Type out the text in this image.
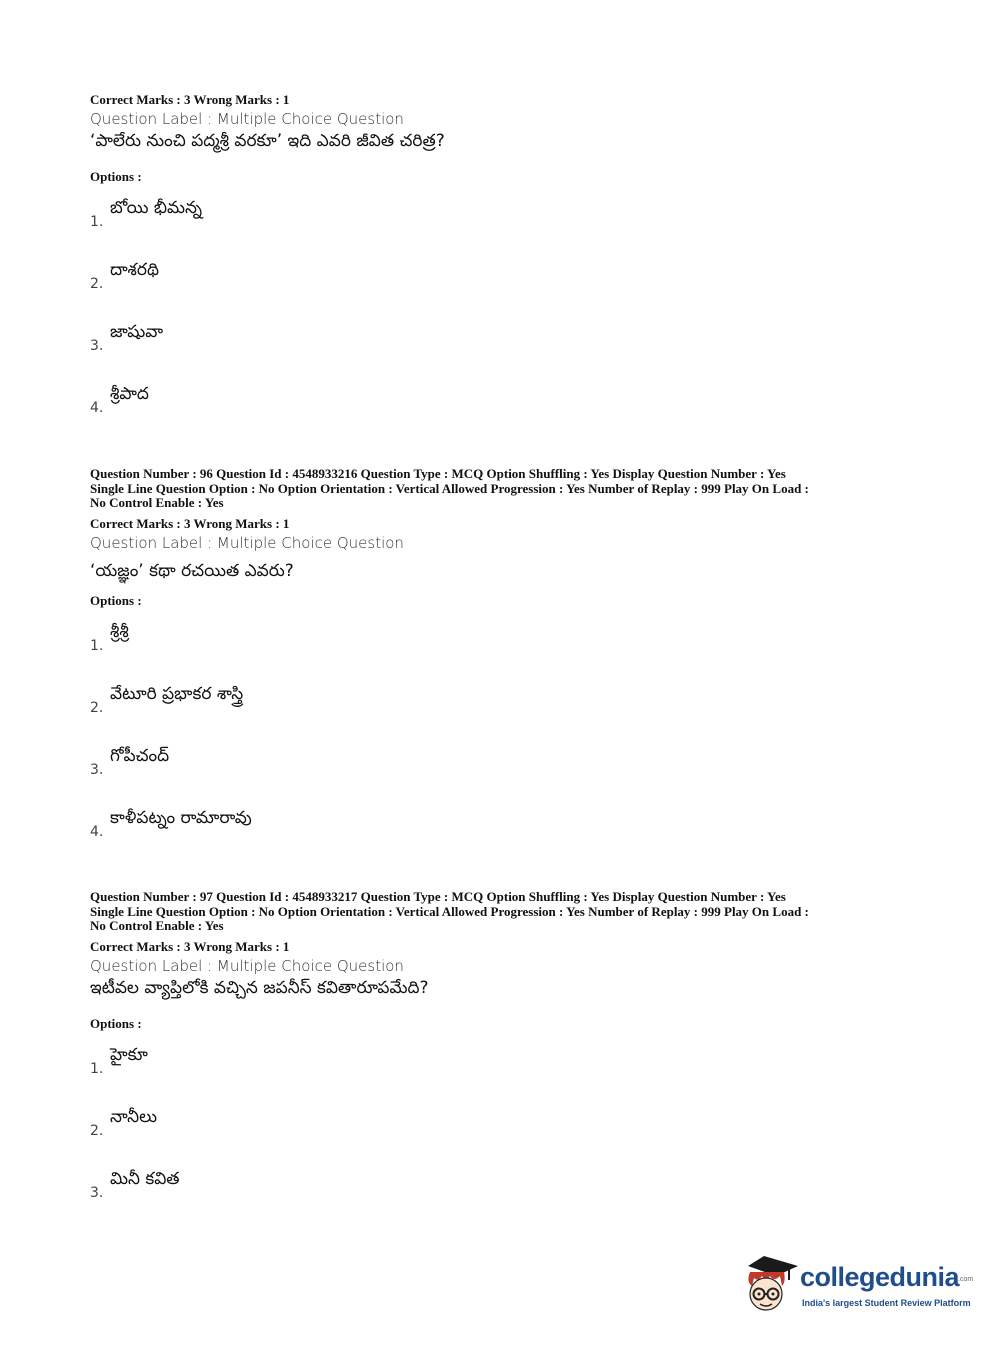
Correct Marks : 3 Wrong Marks : 1

Question Label : Multiple Choice Question

‘పాలేరు నుంచి పద్మశ్రీ వరకూ’ ఇది ఎవరి జీవిత చరిత్ర?

Options :

1.
బోయి భీమన్న
2.
దాశరథి
3.
జాషువా
4.
శ్రీపాద

Question Number : 96 Question Id : 4548933216 Question Type : MCQ Option Shuffling : Yes Display Question Number : Yes

Single Line Question Option : No Option Orientation : Vertical Allowed Progression : Yes Number of Replay : 999 Play On Load :

No Control Enable : Yes

Correct Marks : 3 Wrong Marks : 1

Question Label : Multiple Choice Question

‘యజ్ఞం’ కథా రచయిత ఎవరు?

Options :

1.
శ్రీశ్రీ
2.
వేటూరి ప్రభాకర శాస్త్రి
3.
గోపీచంద్
4.
కాళీపట్నం రామారావు

Question Number : 97 Question Id : 4548933217 Question Type : MCQ Option Shuffling : Yes Display Question Number : Yes

Single Line Question Option : No Option Orientation : Vertical Allowed Progression : Yes Number of Replay : 999 Play On Load :

No Control Enable : Yes

Correct Marks : 3 Wrong Marks : 1

Question Label : Multiple Choice Question

ఇటీవల వ్యాప్తిలోకి వచ్చిన జపనీస్ కవితారూపమేది?

Options :

1.
హైకూ
2.
నానీలు
3.
మినీ కవిత
collegedunia
.com
India's largest Student Review Platform
